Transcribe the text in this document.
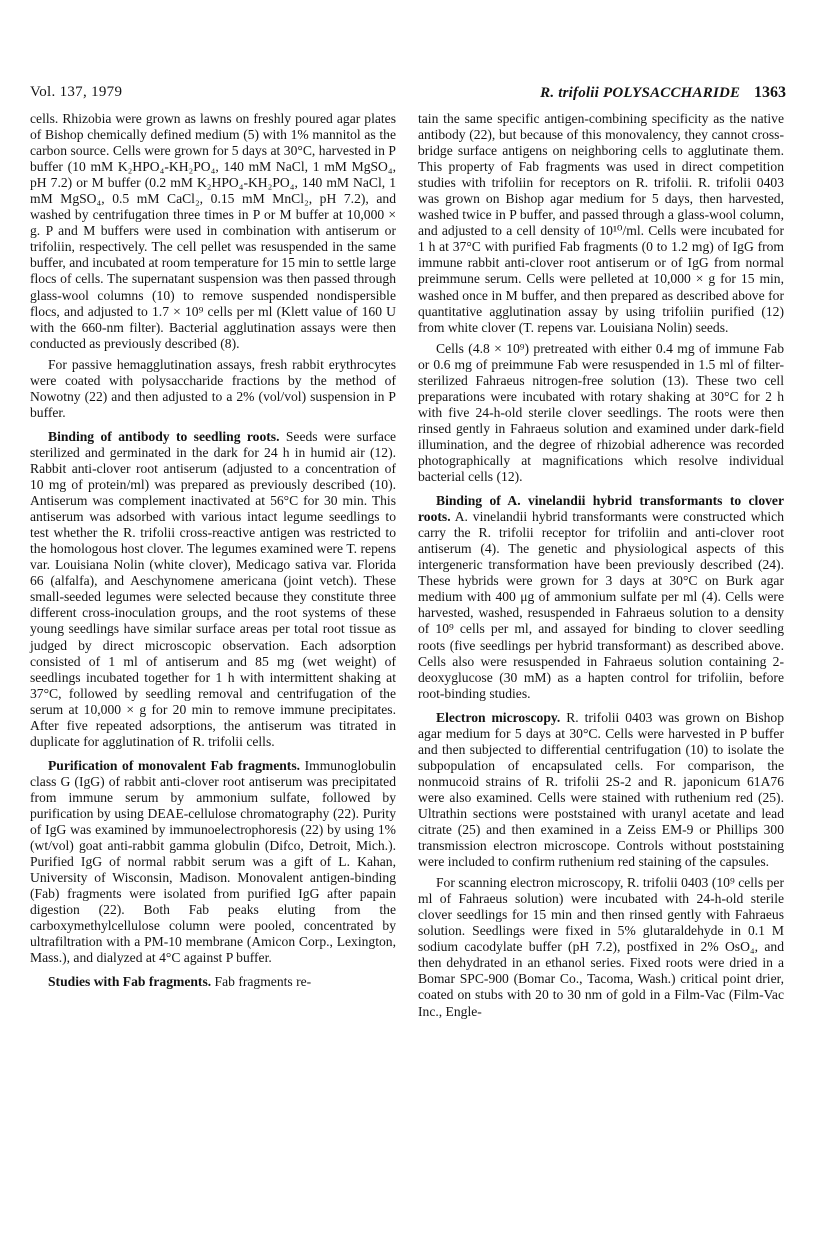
Vol. 137, 1979	R. trifolii POLYSACCHARIDE 1363

cells. Rhizobia were grown as lawns on freshly poured agar plates of Bishop chemically defined medium (5) with 1% mannitol as the carbon source. Cells were grown for 5 days at 30°C, harvested in P buffer (10 mM K₂HPO₄-KH₂PO₄, 140 mM NaCl, 1 mM MgSO₄, pH 7.2) or M buffer (0.2 mM K₂HPO₄-KH₂PO₄, 140 mM NaCl, 1 mM MgSO₄, 0.5 mM CaCl₂, 0.15 mM MnCl₂, pH 7.2), and washed by centrifugation three times in P or M buffer at 10,000 × g. P and M buffers were used in combination with antiserum or trifoliin, respectively. The cell pellet was resuspended in the same buffer, and incubated at room temperature for 15 min to settle large flocs of cells. The supernatant suspension was then passed through glass-wool columns (10) to remove suspended nondispersible flocs, and adjusted to 1.7 × 10⁹ cells per ml (Klett value of 160 U with the 660-nm filter). Bacterial agglutination assays were then conducted as previously described (8).

For passive hemagglutination assays, fresh rabbit erythrocytes were coated with polysaccharide fractions by the method of Nowotny (22) and then adjusted to a 2% (vol/vol) suspension in P buffer.

Binding of antibody to seedling roots. Seeds were surface sterilized and germinated in the dark for 24 h in humid air (12). Rabbit anti-clover root antiserum (adjusted to a concentration of 10 mg of protein/ml) was prepared as previously described (10). Antiserum was complement inactivated at 56°C for 30 min. This antiserum was adsorbed with various intact legume seedlings to test whether the R. trifolii cross-reactive antigen was restricted to the homologous host clover. The legumes examined were T. repens var. Louisiana Nolin (white clover), Medicago sativa var. Florida 66 (alfalfa), and Aeschynomene americana (joint vetch). These small-seeded legumes were selected because they constitute three different cross-inoculation groups, and the root systems of these young seedlings have similar surface areas per total root tissue as judged by direct microscopic observation. Each adsorption consisted of 1 ml of antiserum and 85 mg (wet weight) of seedlings incubated together for 1 h with intermittent shaking at 37°C, followed by seedling removal and centrifugation of the serum at 10,000 × g for 20 min to remove immune precipitates. After five repeated adsorptions, the antiserum was titrated in duplicate for agglutination of R. trifolii cells.

Purification of monovalent Fab fragments. Immunoglobulin class G (IgG) of rabbit anti-clover root antiserum was precipitated from immune serum by ammonium sulfate, followed by purification by using DEAE-cellulose chromatography (22). Purity of IgG was examined by immunoelectrophoresis (22) by using 1% (wt/vol) goat anti-rabbit gamma globulin (Difco, Detroit, Mich.). Purified IgG of normal rabbit serum was a gift of L. Kahan, University of Wisconsin, Madison. Monovalent antigen-binding (Fab) fragments were isolated from purified IgG after papain digestion (22). Both Fab peaks eluting from the carboxymethylcellulose column were pooled, concentrated by ultrafiltration with a PM-10 membrane (Amicon Corp., Lexington, Mass.), and dialyzed at 4°C against P buffer.

Studies with Fab fragments. Fab fragments re-

tain the same specific antigen-combining specificity as the native antibody (22), but because of this monovalency, they cannot cross-bridge surface antigens on neighboring cells to agglutinate them. This property of Fab fragments was used in direct competition studies with trifoliin for receptors on R. trifolii. R. trifolii 0403 was grown on Bishop agar medium for 5 days, then harvested, washed twice in P buffer, and passed through a glass-wool column, and adjusted to a cell density of 10¹⁰/ml. Cells were incubated for 1 h at 37°C with purified Fab fragments (0 to 1.2 mg) of IgG from immune rabbit anti-clover root antiserum or of IgG from normal preimmune serum. Cells were pelleted at 10,000 × g for 15 min, washed once in M buffer, and then prepared as described above for quantitative agglutination assay by using trifoliin purified (12) from white clover (T. repens var. Louisiana Nolin) seeds.

Cells (4.8 × 10⁹) pretreated with either 0.4 mg of immune Fab or 0.6 mg of preimmune Fab were resuspended in 1.5 ml of filter-sterilized Fahraeus nitrogen-free solution (13). These two cell preparations were incubated with rotary shaking at 30°C for 2 h with five 24-h-old sterile clover seedlings. The roots were then rinsed gently in Fahraeus solution and examined under dark-field illumination, and the degree of rhizobial adherence was recorded photographically at magnifications which resolve individual bacterial cells (12).

Binding of A. vinelandii hybrid transformants to clover roots. A. vinelandii hybrid transformants were constructed which carry the R. trifolii receptor for trifoliin and anti-clover root antiserum (4). The genetic and physiological aspects of this intergeneric transformation have been previously described (24). These hybrids were grown for 3 days at 30°C on Burk agar medium with 400 μg of ammonium sulfate per ml (4). Cells were harvested, washed, resuspended in Fahraeus solution to a density of 10⁹ cells per ml, and assayed for binding to clover seedling roots (five seedlings per hybrid transformant) as described above. Cells also were resuspended in Fahraeus solution containing 2-deoxyglucose (30 mM) as a hapten control for trifoliin, before root-binding studies.

Electron microscopy. R. trifolii 0403 was grown on Bishop agar medium for 5 days at 30°C. Cells were harvested in P buffer and then subjected to differential centrifugation (10) to isolate the subpopulation of encapsulated cells. For comparison, the nonmucoid strains of R. trifolii 2S-2 and R. japonicum 61A76 were also examined. Cells were stained with ruthenium red (25). Ultrathin sections were poststained with uranyl acetate and lead citrate (25) and then examined in a Zeiss EM-9 or Phillips 300 transmission electron microscope. Controls without poststaining were included to confirm ruthenium red staining of the capsules.

For scanning electron microscopy, R. trifolii 0403 (10⁹ cells per ml of Fahraeus solution) were incubated with 24-h-old sterile clover seedlings for 15 min and then rinsed gently with Fahraeus solution. Seedlings were fixed in 5% glutaraldehyde in 0.1 M sodium cacodylate buffer (pH 7.2), postfixed in 2% OsO₄, and then dehydrated in an ethanol series. Fixed roots were dried in a Bomar SPC-900 (Bomar Co., Tacoma, Wash.) critical point drier, coated on stubs with 20 to 30 nm of gold in a Film-Vac (Film-Vac Inc., Engle-
